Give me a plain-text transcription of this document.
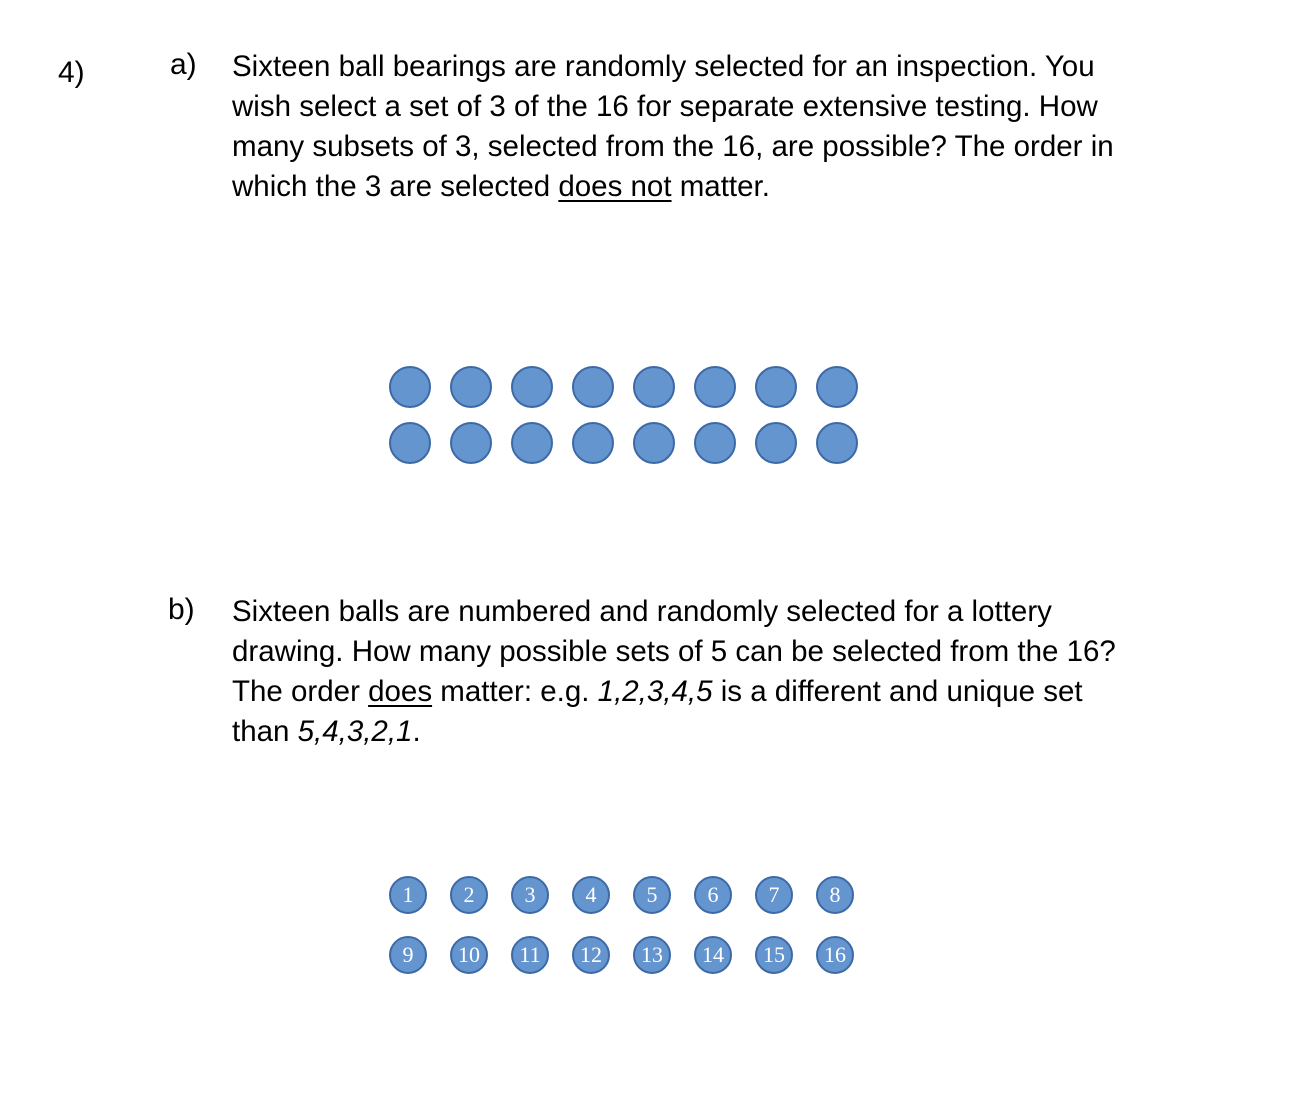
4)	a) Sixteen ball bearings are randomly selected for an inspection. You
wish select a set of 3 of the 16 for separate extensive testing. How
many subsets of 3, selected from the 16, are possible? The order in
which the 3 are selected does not matter.
b) Sixteen balls are numbered and randomly selected for a lottery
drawing. How many possible sets of 5 can be selected from the 16?
The order does matter: e.g. 1,2,3,4,5 is a different and unique set
than 5,4,3,2,1.
1	2	3	4	5	6	7	8
9	10	11	12	13	14	15	16
